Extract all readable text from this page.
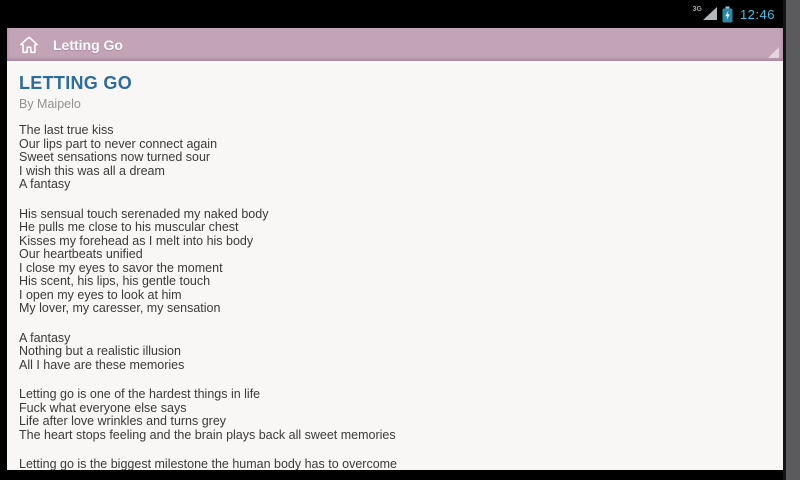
3G	12:46
Letting Go
LETTING GO
By Maipelo
The last true kiss
Our lips part to never connect again
Sweet sensations now turned sour
I wish this was all a dream
A fantasy
His sensual touch serenaded my naked body
He pulls me close to his muscular chest
Kisses my forehead as I melt into his body
Our heartbeats unified
I close my eyes to savor the moment
His scent, his lips, his gentle touch
I open my eyes to look at him
My lover, my caresser, my sensation
A fantasy
Nothing but a realistic illusion
All I have are these memories
Letting go is one of the hardest things in life
Fuck what everyone else says
Life after love wrinkles and turns grey
The heart stops feeling and the brain plays back all sweet memories
Letting go is the biggest milestone the human body has to overcome
